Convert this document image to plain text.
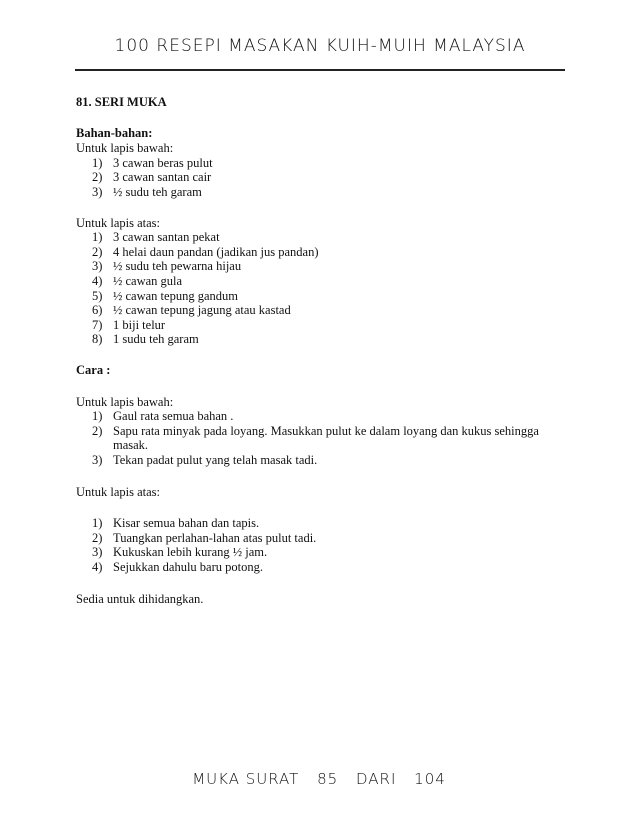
100 RESEPI MASAKAN KUIH-MUIH MALAYSIA
81. SERI MUKA
Bahan-bahan:
Untuk lapis bawah:
1) 3 cawan beras pulut
2) 3 cawan santan cair
3) ½ sudu teh garam
Untuk lapis atas:
1) 3 cawan santan pekat
2) 4 helai daun pandan (jadikan jus pandan)
3) ½ sudu teh pewarna hijau
4) ½ cawan gula
5) ½ cawan tepung gandum
6) ½ cawan tepung jagung atau kastad
7) 1 biji telur
8) 1 sudu teh garam
Cara :
Untuk lapis bawah:
1) Gaul rata semua bahan .
2) Sapu rata minyak pada loyang. Masukkan pulut ke dalam loyang dan kukus sehingga masak.
3) Tekan padat pulut yang telah masak tadi.
Untuk lapis atas:
1) Kisar semua bahan dan tapis.
2) Tuangkan perlahan-lahan atas pulut tadi.
3) Kukuskan lebih kurang ½ jam.
4) Sejukkan dahulu baru potong.
Sedia untuk dihidangkan.
MUKA SURAT 85 DARI 104
